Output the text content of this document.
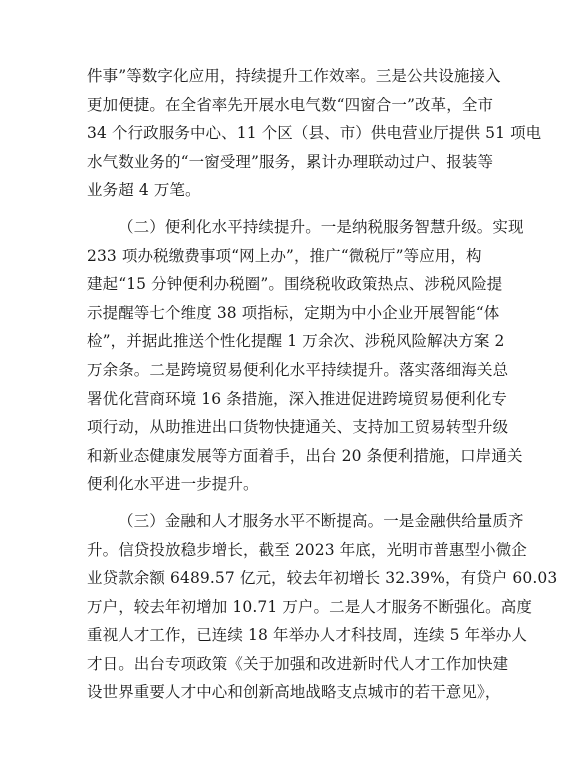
件事”等数字化应用，持续提升工作效率。三是公共设施接入
更加便捷。在全省率先开展水电气数“四窗合一”改革，全市
34 个行政服务中心、11 个区（县、市）供电营业厅提供 51 项电
水气数业务的“一窗受理”服务，累计办理联动过户、报装等
业务超 4 万笔。
（二）便利化水平持续提升。一是纳税服务智慧升级。实现
233 项办税缴费事项“网上办”，推广“微税厅”等应用，构
建起“15 分钟便利办税圈”。围绕税收政策热点、涉税风险提
示提醒等七个维度 38 项指标，定期为中小企业开展智能“体
检”，并据此推送个性化提醒 1 万余次、涉税风险解决方案 2
万余条。二是跨境贸易便利化水平持续提升。落实落细海关总
署优化营商环境 16 条措施，深入推进促进跨境贸易便利化专
项行动，从助推进出口货物快捷通关、支持加工贸易转型升级
和新业态健康发展等方面着手，出台 20 条便利措施，口岸通关
便利化水平进一步提升。
（三）金融和人才服务水平不断提高。一是金融供给量质齐
升。信贷投放稳步增长，截至 2023 年底，光明市普惠型小微企
业贷款余额 6489.57 亿元，较去年初增长 32.39%，有贷户 60.03
万户，较去年初增加 10.71 万户。二是人才服务不断强化。高度
重视人才工作，已连续 18 年举办人才科技周，连续 5 年举办人
才日。出台专项政策《关于加强和改进新时代人才工作加快建
设世界重要人才中心和创新高地战略支点城市的若干意见》，
